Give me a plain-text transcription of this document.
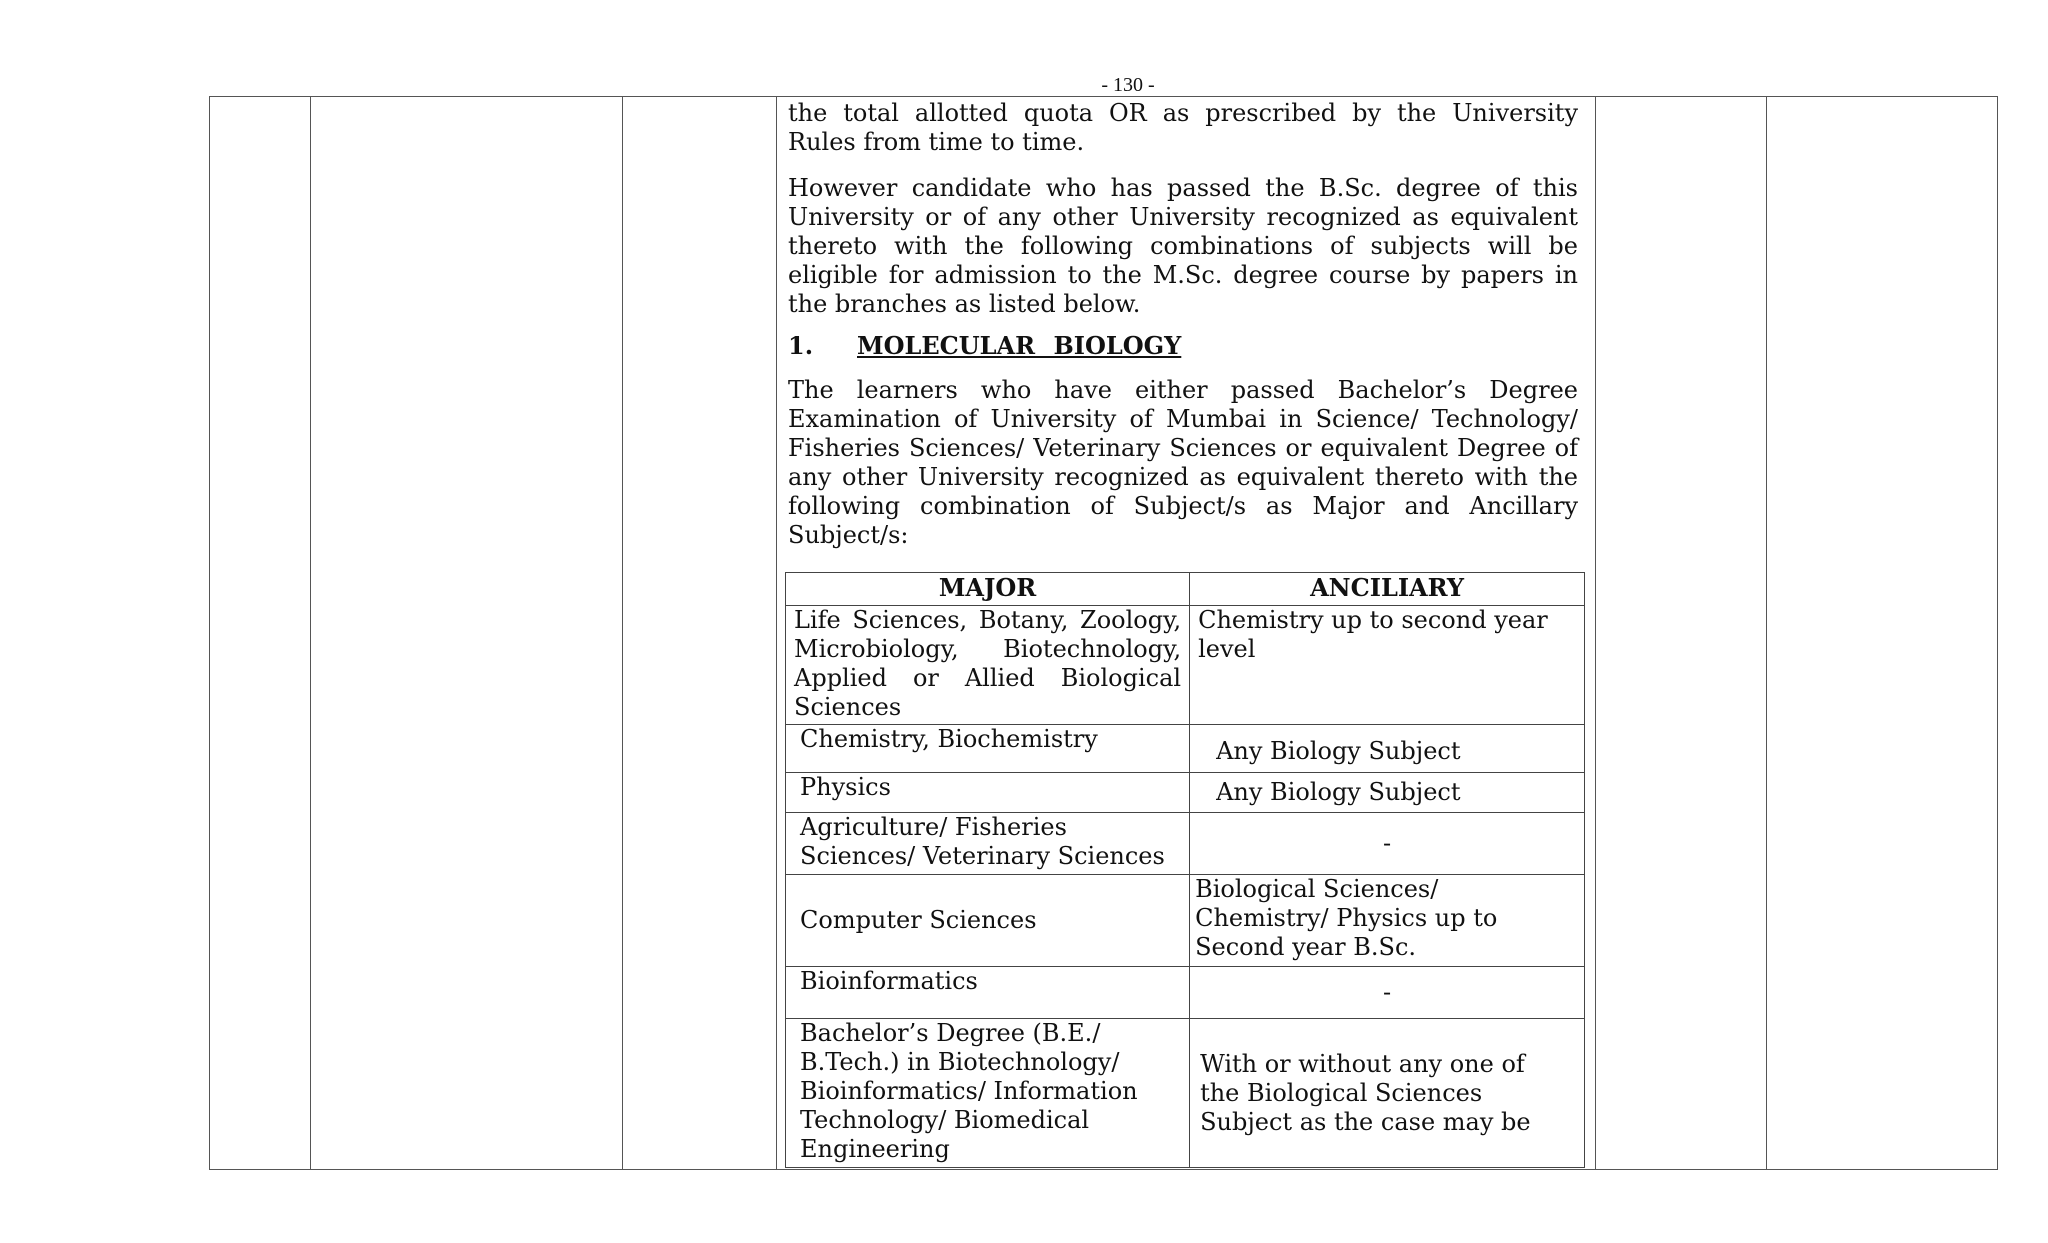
- 130 -

the total allotted quota OR as prescribed by the University Rules from time to time.

However candidate who has passed the B.Sc. degree of this University or of any other University recognized as equivalent thereto with the following combinations of subjects will be eligible for admission to the M.Sc. degree course by papers in the branches as listed below.

1.	MOLECULAR BIOLOGY

The learners who have either passed Bachelor’s Degree Examination of University of Mumbai in Science/ Technology/ Fisheries Sciences/ Veterinary Sciences or equivalent Degree of any other University recognized as equivalent thereto with the following combination of Subject/s as Major and Ancillary Subject/s:

MAJOR	ANCILIARY
Life Sciences, Botany, Zoology, Microbiology, Biotechnology, Applied or Allied Biological Sciences	Chemistry up to second year level
Chemistry, Biochemistry	Any Biology Subject
Physics	Any Biology Subject
Agriculture/ Fisheries Sciences/ Veterinary Sciences	-
Computer Sciences	Biological Sciences/ Chemistry/ Physics up to Second year B.Sc.
Bioinformatics	-
Bachelor’s Degree (B.E./ B.Tech.) in Biotechnology/ Bioinformatics/ Information Technology/ Biomedical Engineering	With or without any one of the Biological Sciences Subject as the case may be
